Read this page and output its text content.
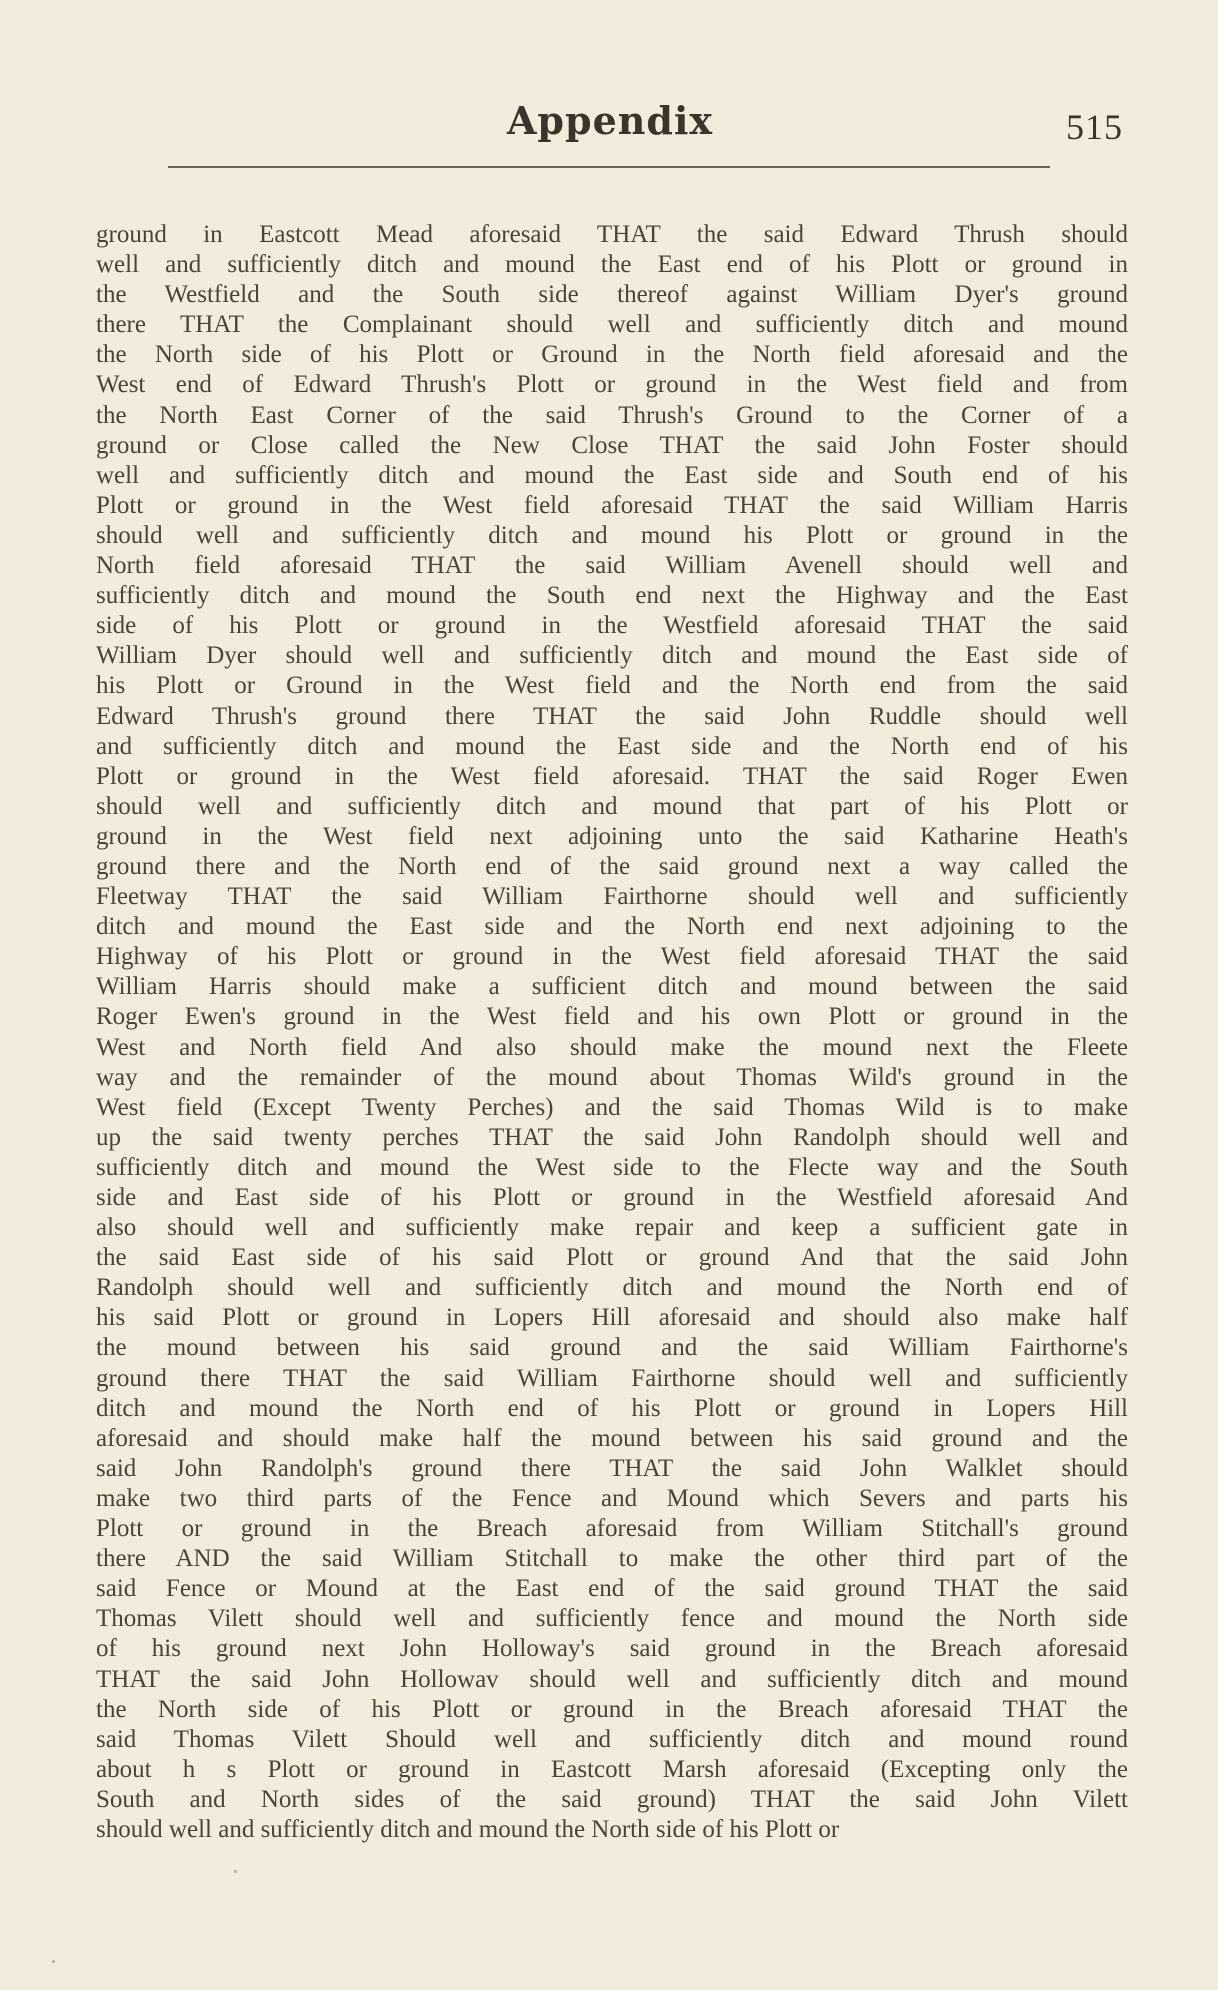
Appendix	515
ground in Eastcott Mead aforesaid THAT the said Edward Thrush should
well and sufficiently ditch and mound the East end of his Plott or ground in
the Westfield and the South side thereof against William Dyer's ground
there THAT the Complainant should well and sufficiently ditch and mound
the North side of his Plott or Ground in the North field aforesaid and the
West end of Edward Thrush's Plott or ground in the West field and from
the North East Corner of the said Thrush's Ground to the Corner of a
ground or Close called the New Close THAT the said John Foster should
well and sufficiently ditch and mound the East side and South end of his
Plott or ground in the West field aforesaid THAT the said William Harris
should well and sufficiently ditch and mound his Plott or ground in the
North field aforesaid THAT the said William Avenell should well and
sufficiently ditch and mound the South end next the Highway and the East
side of his Plott or ground in the Westfield aforesaid THAT the said
William Dyer should well and sufficiently ditch and mound the East side of
his Plott or Ground in the West field and the North end from the said
Edward Thrush's ground there THAT the said John Ruddle should well
and sufficiently ditch and mound the East side and the North end of his
Plott or ground in the West field aforesaid. THAT the said Roger Ewen
should well and sufficiently ditch and mound that part of his Plott or
ground in the West field next adjoining unto the said Katharine Heath's
ground there and the North end of the said ground next a way called the
Fleetway THAT the said William Fairthorne should well and sufficiently
ditch and mound the East side and the North end next adjoining to the
Highway of his Plott or ground in the West field aforesaid THAT the said
William Harris should make a sufficient ditch and mound between the said
Roger Ewen's ground in the West field and his own Plott or ground in the
West and North field And also should make the mound next the Fleete
way and the remainder of the mound about Thomas Wild's ground in the
West field (Except Twenty Perches) and the said Thomas Wild is to make
up the said twenty perches THAT the said John Randolph should well and
sufficiently ditch and mound the West side to the Flecte way and the South
side and East side of his Plott or ground in the Westfield aforesaid And
also should well and sufficiently make repair and keep a sufficient gate in
the said East side of his said Plott or ground And that the said John
Randolph should well and sufficiently ditch and mound the North end of
his said Plott or ground in Lopers Hill aforesaid and should also make half
the mound between his said ground and the said William Fairthorne's
ground there THAT the said William Fairthorne should well and sufficiently
ditch and mound the North end of his Plott or ground in Lopers Hill
aforesaid and should make half the mound between his said ground and the
said John Randolph's ground there THAT the said John Walklet should
make two third parts of the Fence and Mound which Severs and parts his
Plott or ground in the Breach aforesaid from William Stitchall's ground
there AND the said William Stitchall to make the other third part of the
said Fence or Mound at the East end of the said ground THAT the said
Thomas Vilett should well and sufficiently fence and mound the North side
of his ground next John Holloway's said ground in the Breach aforesaid
THAT the said John Hollowav should well and sufficiently ditch and mound
the North side of his Plott or ground in the Breach aforesaid THAT the
said Thomas Vilett Should well and sufficiently ditch and mound round
about h s Plott or ground in Eastcott Marsh aforesaid (Excepting only the
South and North sides of the said ground) THAT the said John Vilett
should well and sufficiently ditch and mound the North side of his Plott or
